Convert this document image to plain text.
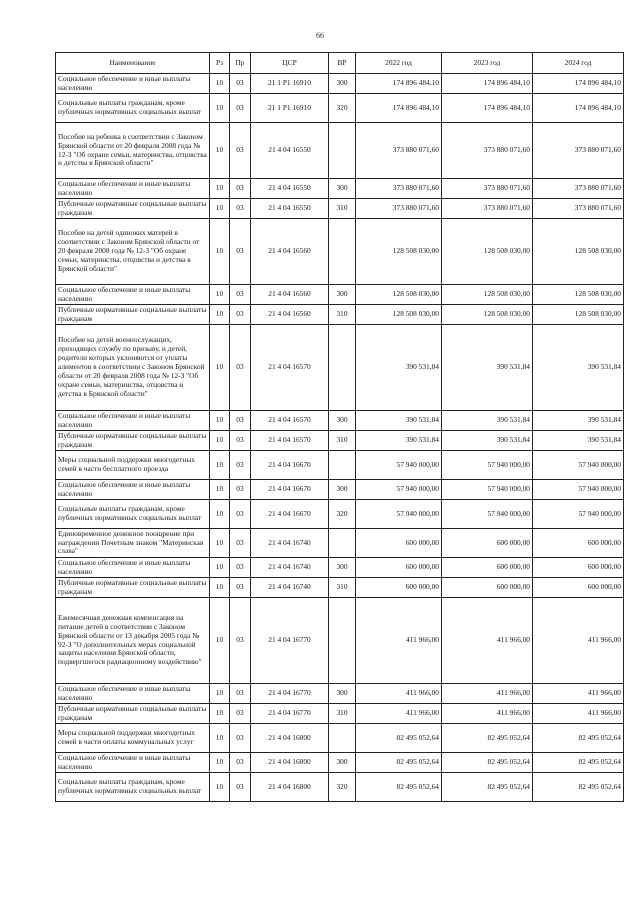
66
Наименование	Рз	Пр	ЦСР	ВР	2022 год	2023 год	2024 год
Социальное обеспечение и иные выплаты населению	10	03	21 1 P1 16910	300	174 896 484,10	174 896 484,10	174 896 484,10
Социальные выплаты гражданам, кроме публичных нормативных социальных выплат	10	03	21 1 P1 16910	320	174 896 484,10	174 896 484,10	174 896 484,10
Пособие на ребенка в соответствии с Законом Брянской области от 20 февраля 2008 года № 12-З "Об охране семьи, материнства, отцовства и детства в Брянской области"	10	03	21 4 04 16550		373 880 071,60	373 880 071,60	373 880 071,60
Социальное обеспечение и иные выплаты населению	10	03	21 4 04 16550	300	373 880 071,60	373 880 071,60	373 880 071,60
Публичные нормативные социальные выплаты гражданам	10	03	21 4 04 16550	310	373 880 071,60	373 880 071,60	373 880 071,60
Пособие на детей одиноких матерей в соответствии с Законом Брянской области от 20 февраля 2008 года № 12-З "Об охране семьи, материнства, отцовства и детства в Брянской области"	10	03	21 4 04 16560		128 508 030,00	128 508 030,00	128 508 030,00
Социальное обеспечение и иные выплаты населению	10	03	21 4 04 16560	300	128 508 030,00	128 508 030,00	128 508 030,00
Публичные нормативные социальные выплаты гражданам	10	03	21 4 04 16560	310	128 508 030,00	128 508 030,00	128 508 030,00
Пособие на детей военнослужащих, проходящих службу по призыву, и детей, родители которых уклоняются от уплаты алиментов в соответствии с Законом Брянской области от 20 февраля 2008 года № 12-З "Об охране семьи, материнства, отцовства и детства в Брянской области"	10	03	21 4 04 16570		390 531,84	390 531,84	390 531,84
Социальное обеспечение и иные выплаты населению	10	03	21 4 04 16570	300	390 531,84	390 531,84	390 531,84
Публичные нормативные социальные выплаты гражданам	10	03	21 4 04 16570	310	390 531,84	390 531,84	390 531,84
Меры социальной поддержки многодетных семей в части бесплатного проезда	10	03	21 4 04 16670		57 940 000,00	57 940 000,00	57 940 000,00
Социальное обеспечение и иные выплаты населению	10	03	21 4 04 16670	300	57 940 000,00	57 940 000,00	57 940 000,00
Социальные выплаты гражданам, кроме публичных нормативных социальных выплат	10	03	21 4 04 16670	320	57 940 000,00	57 940 000,00	57 940 000,00
Единовременное денежное поощрение при награждении Почетным знаком "Материнская слава"	10	03	21 4 04 16740		600 000,00	600 000,00	600 000,00
Социальное обеспечение и иные выплаты населению	10	03	21 4 04 16740	300	600 000,00	600 000,00	600 000,00
Публичные нормативные социальные выплаты гражданам	10	03	21 4 04 16740	310	600 000,00	600 000,00	600 000,00
Ежемесячная денежная компенсация на питание детей в соответствии с Законом Брянской области от 13 декабря 2005 года № 92-З "О дополнительных мерах социальной защиты населения Брянской области, подвергшегося радиационному воздействию"	10	03	21 4 04 16770		411 966,00	411 966,00	411 966,00
Социальное обеспечение и иные выплаты населению	10	03	21 4 04 16770	300	411 966,00	411 966,00	411 966,00
Публичные нормативные социальные выплаты гражданам	10	03	21 4 04 16770	310	411 966,00	411 966,00	411 966,00
Меры социальной поддержки многодетных семей в части оплаты коммунальных услуг	10	03	21 4 04 16800		82 495 052,64	82 495 052,64	82 495 052,64
Социальное обеспечение и иные выплаты населению	10	03	21 4 04 16800	300	82 495 052,64	82 495 052,64	82 495 052,64
Социальные выплаты гражданам, кроме публичных нормативных социальных выплат	10	03	21 4 04 16800	320	82 495 052,64	82 495 052,64	82 495 052,64
